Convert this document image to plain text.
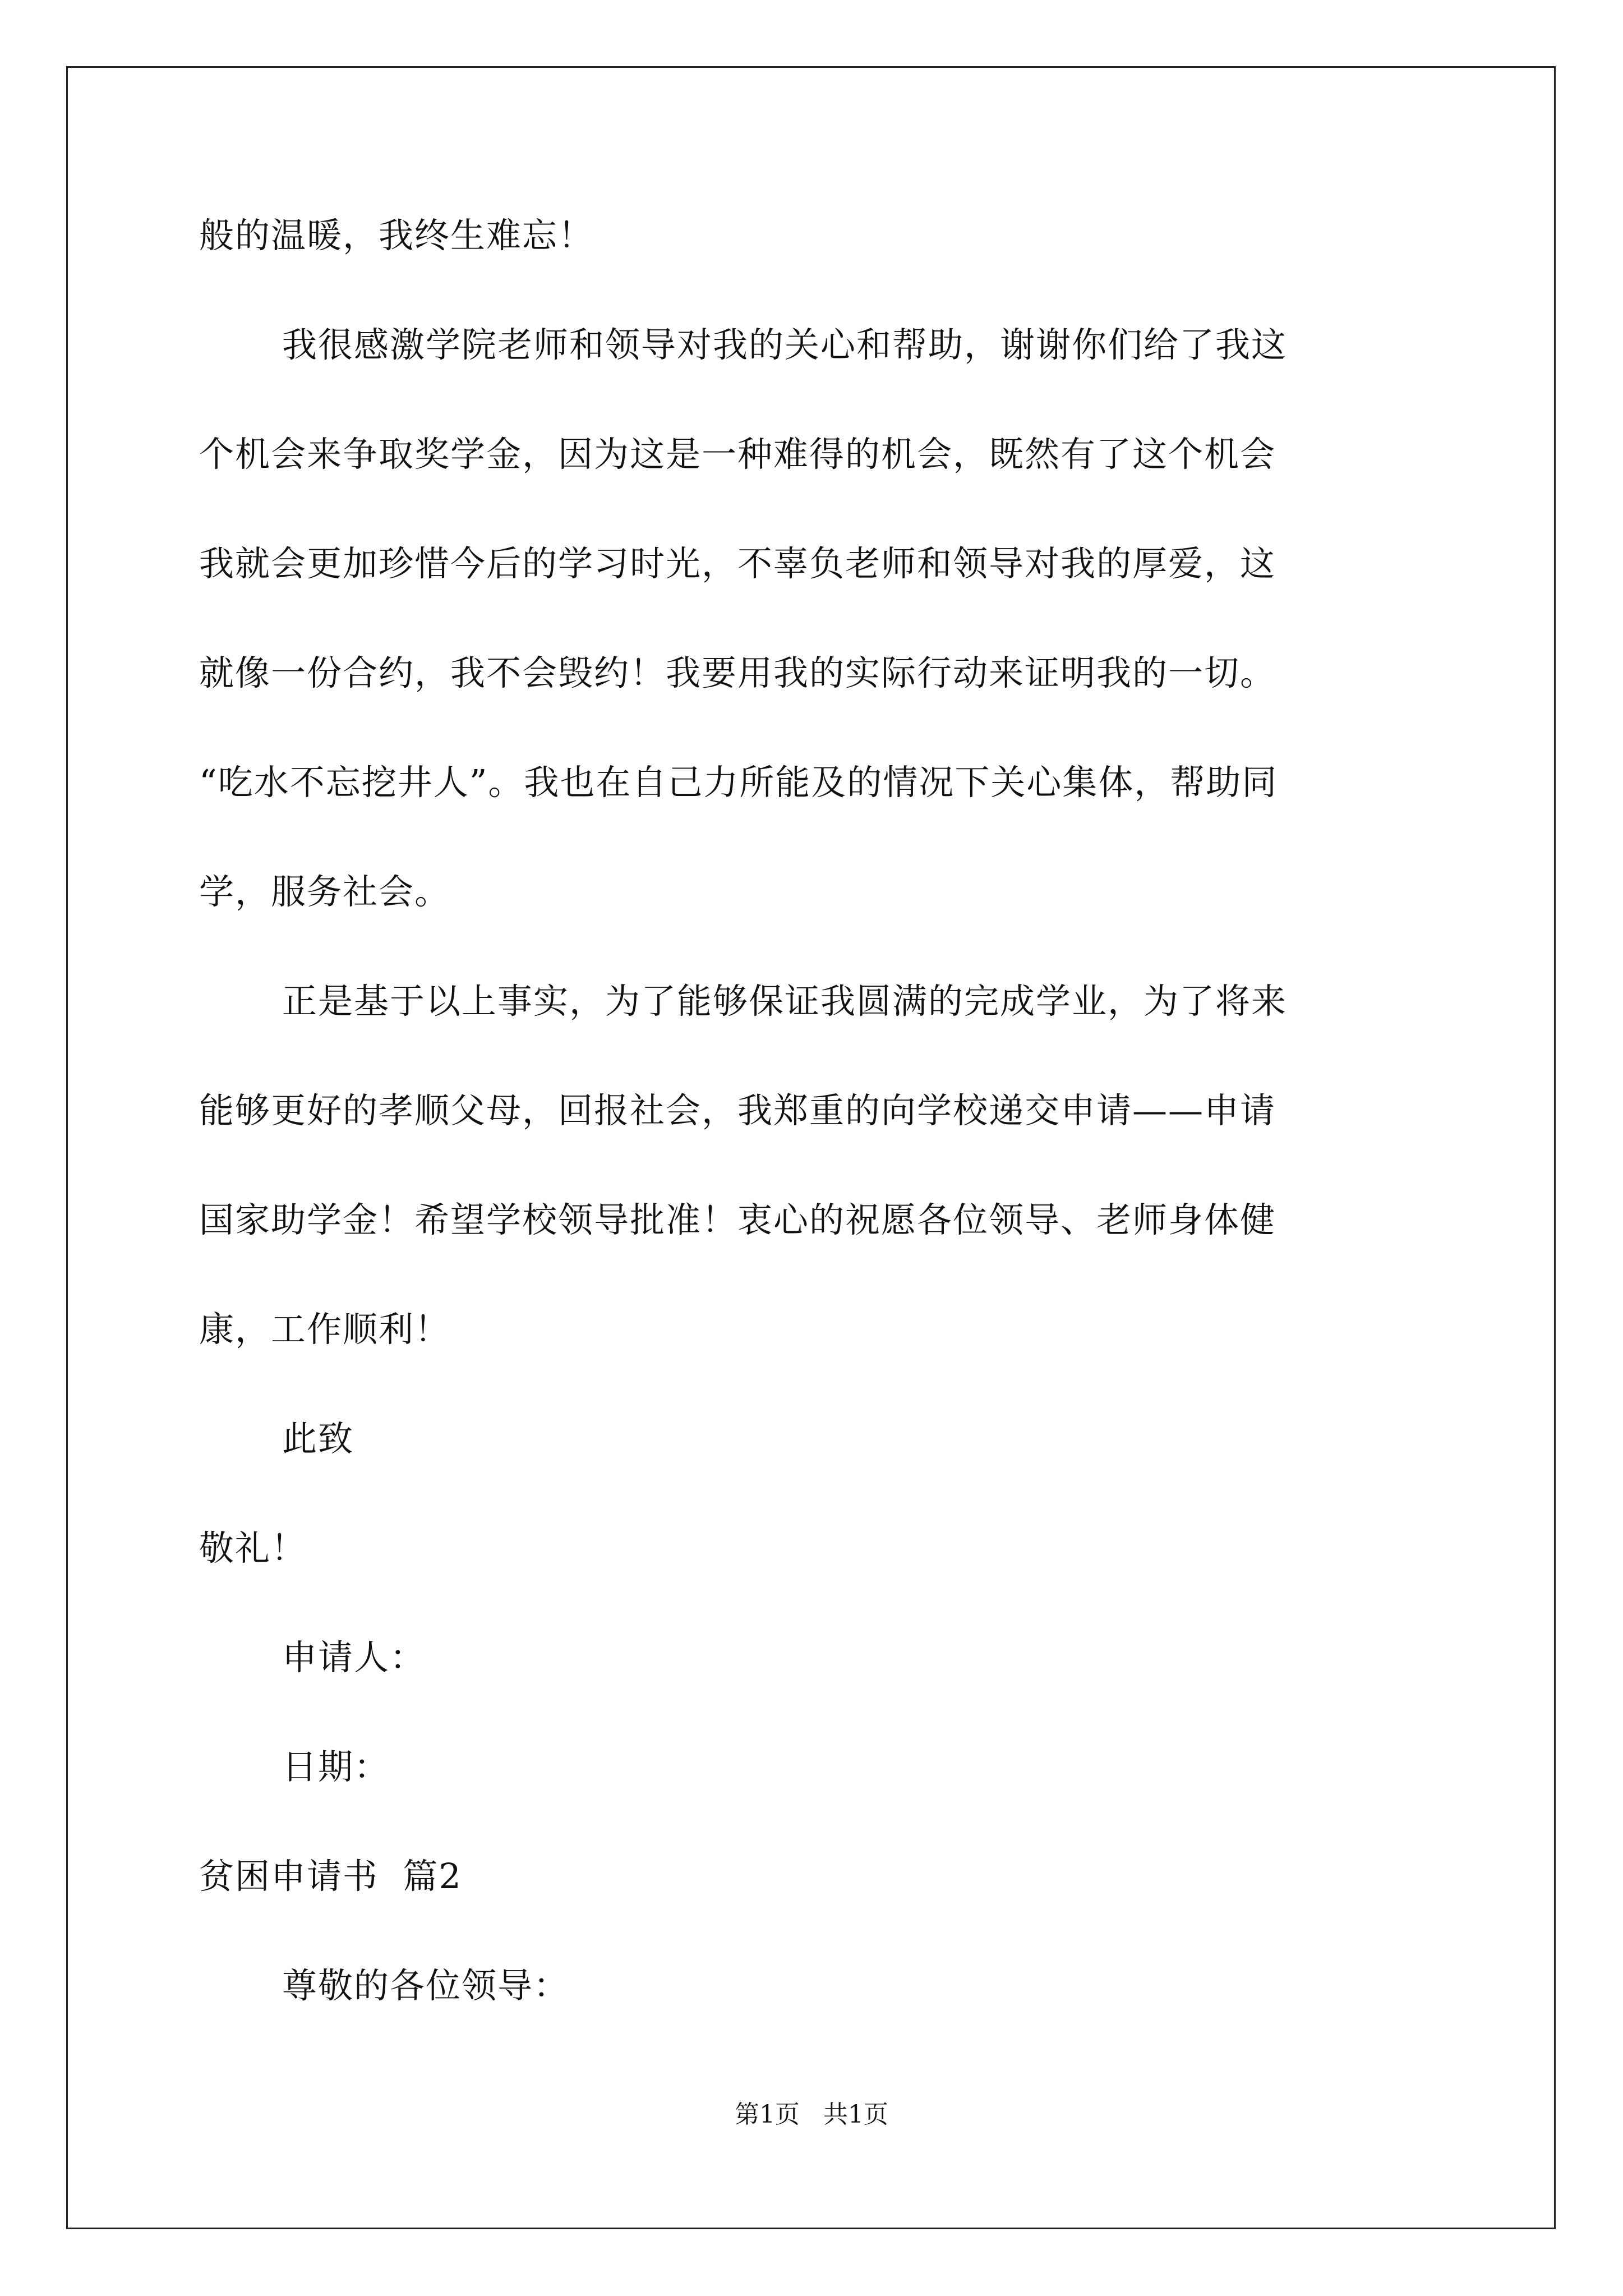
般的温暖，我终生难忘！
我很感激学院老师和领导对我的关心和帮助，谢谢你们给了我这
个机会来争取奖学金，因为这是一种难得的机会，既然有了这个机会
我就会更加珍惜今后的学习时光，不辜负老师和领导对我的厚爱，这
就像一份合约，我不会毁约！我要用我的实际行动来证明我的一切。
“吃水不忘挖井人”。我也在自己力所能及的情况下关心集体，帮助同
学，服务社会。
正是基于以上事实，为了能够保证我圆满的完成学业，为了将来
能够更好的孝顺父母，回报社会，我郑重的向学校递交申请——申请
国家助学金！希望学校领导批准！衷心的祝愿各位领导、老师身体健
康，工作顺利！
此致
敬礼！
申请人：
日期：
贫困申请书  篇2
尊敬的各位领导：
第1页   共1页
